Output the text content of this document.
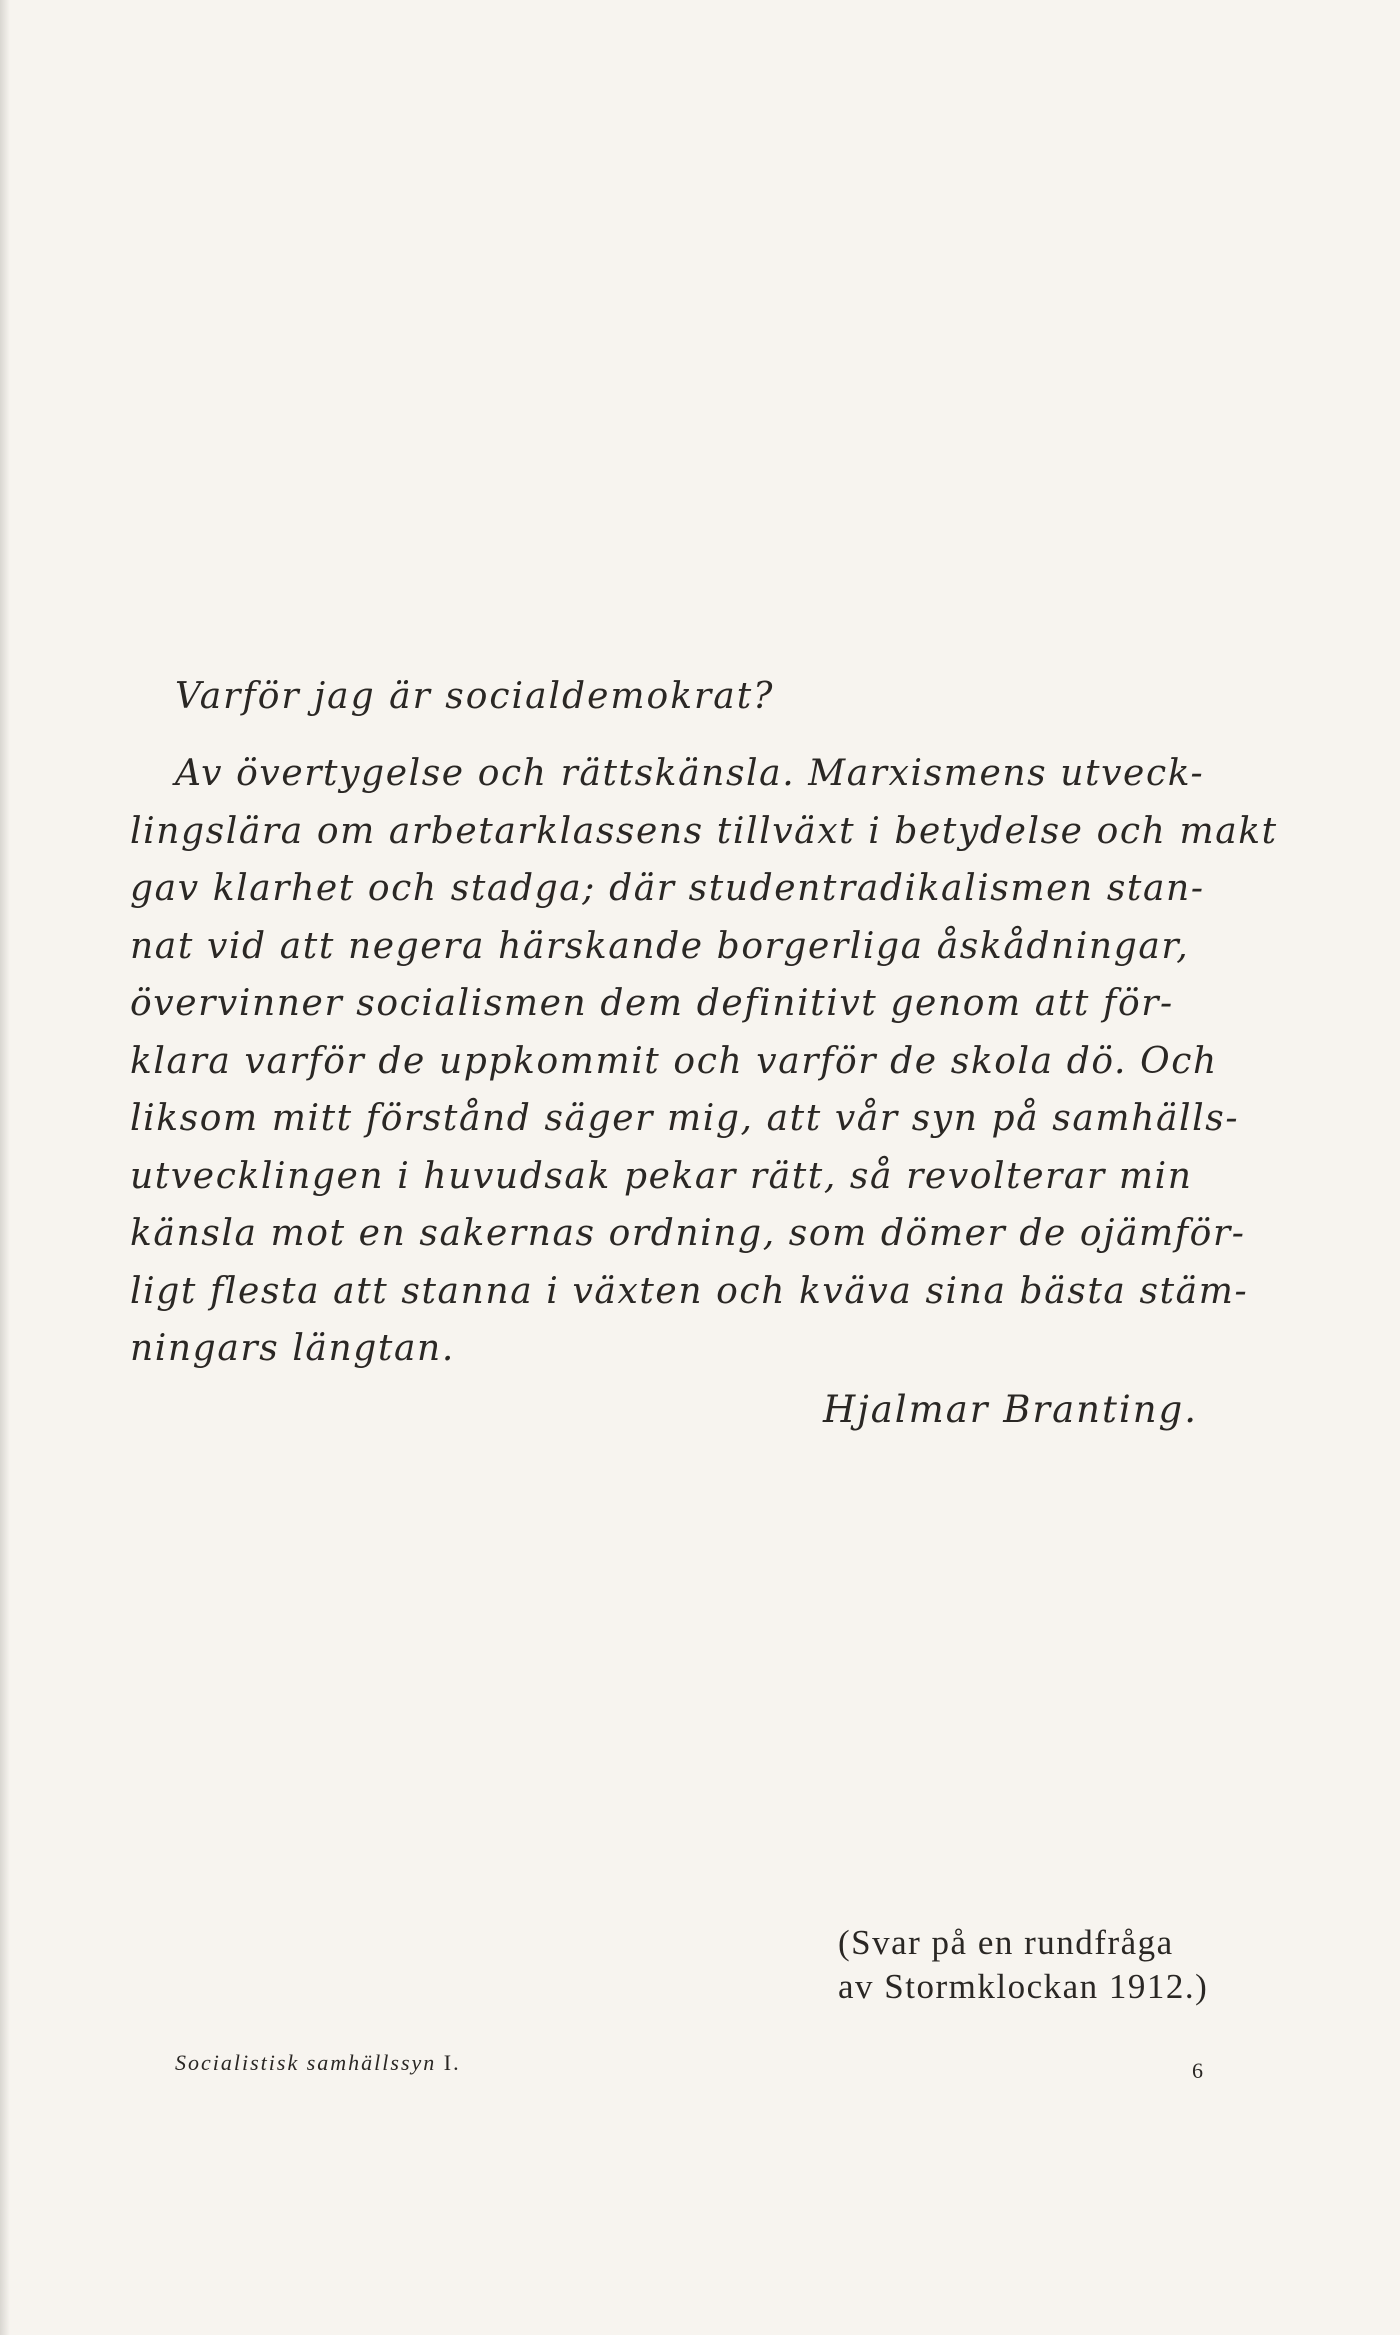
Varför jag är socialdemokrat?
Av övertygelse och rättskänsla. Marxismens utveck-
lingslära om arbetarklassens tillväxt i betydelse och makt
gav klarhet och stadga; där studentradikalismen stan-
nat vid att negera härskande borgerliga åskådningar,
övervinner socialismen dem definitivt genom att för-
klara varför de uppkommit och varför de skola dö. Och
liksom mitt förstånd säger mig, att vår syn på samhälls-
utvecklingen i huvudsak pekar rätt, så revolterar min
känsla mot en sakernas ordning, som dömer de ojämför-
ligt flesta att stanna i växten och kväva sina bästa stäm-
ningars längtan.

Hjalmar Branting.

(Svar på en rundfråga
av Stormklockan 1912.)

Socialistisk samhällssyn I.	6
